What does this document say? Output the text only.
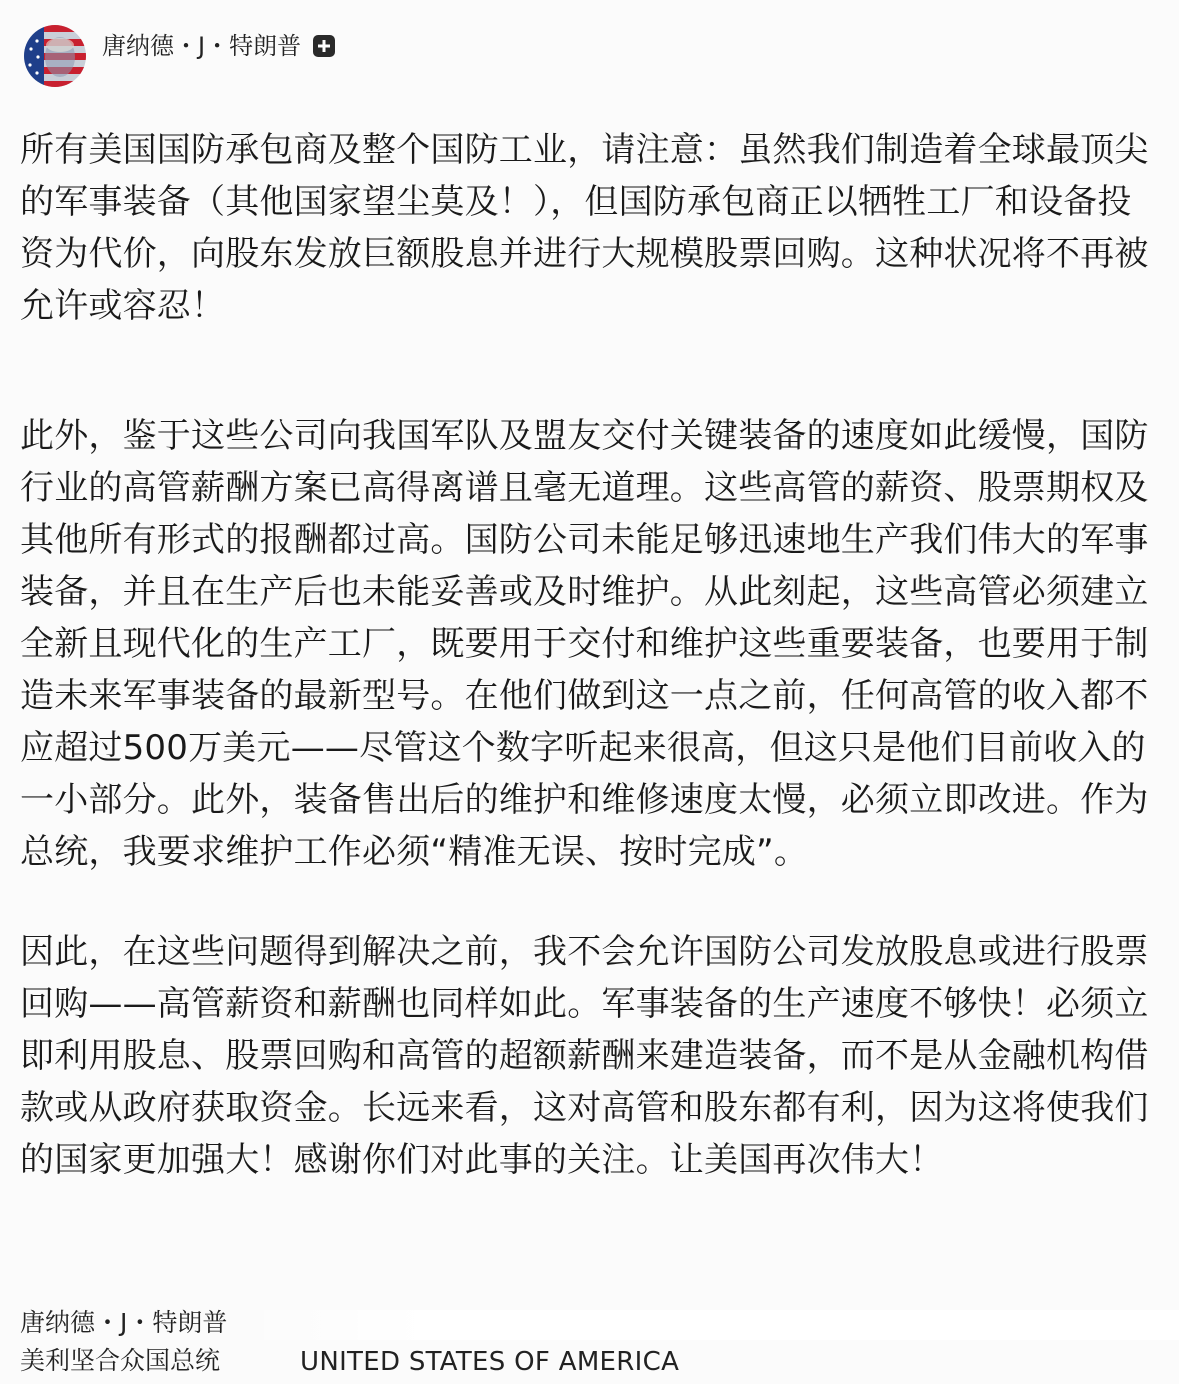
唐纳德・J・特朗普

所有美国国防承包商及整个国防工业，请注意：虽然我们制造着全球最顶尖的军事装备（其他国家望尘莫及！），但国防承包商正以牺牲工厂和设备投资为代价，向股东发放巨额股息并进行大规模股票回购。这种状况将不再被允许或容忍！

此外，鉴于这些公司向我国军队及盟友交付关键装备的速度如此缓慢，国防行业的高管薪酬方案已高得离谱且毫无道理。这些高管的薪资、股票期权及其他所有形式的报酬都过高。国防公司未能足够迅速地生产我们伟大的军事装备，并且在生产后也未能妥善或及时维护。从此刻起，这些高管必须建立全新且现代化的生产工厂，既要用于交付和维护这些重要装备，也要用于制造未来军事装备的最新型号。在他们做到这一点之前，任何高管的收入都不应超过500万美元——尽管这个数字听起来很高，但这只是他们目前收入的一小部分。此外，装备售出后的维护和维修速度太慢，必须立即改进。作为总统，我要求维护工作必须“精准无误、按时完成”。

因此，在这些问题得到解决之前，我不会允许国防公司发放股息或进行股票回购——高管薪资和薪酬也同样如此。军事装备的生产速度不够快！必须立即利用股息、股票回购和高管的超额薪酬来建造装备，而不是从金融机构借款或从政府获取资金。长远来看，这对高管和股东都有利，因为这将使我们的国家更加强大！感谢你们对此事的关注。让美国再次伟大！

唐纳德・J・特朗普
美利坚合众国总统	UNITED STATES OF AMERICA
